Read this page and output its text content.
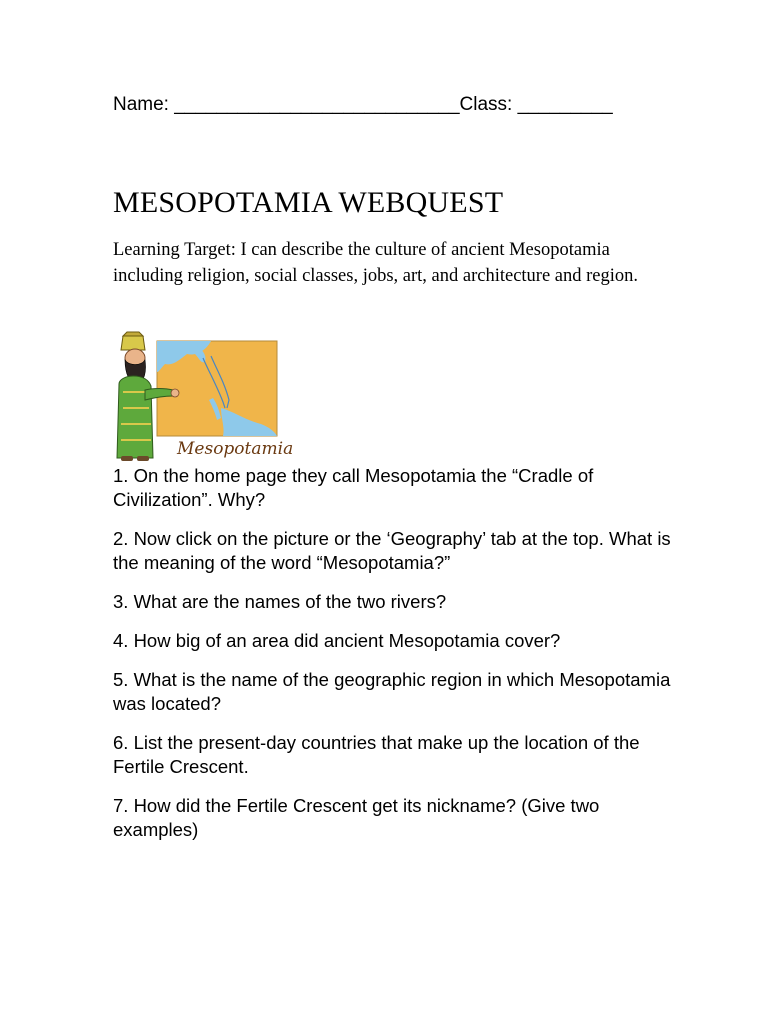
Name: ___________________________Class: _________
MESOPOTAMIA WEBQUEST
Learning Target: I can describe the culture of ancient Mesopotamia including religion, social classes, jobs, art, and architecture and region.
Mesopotamia

1. On the home page they call Mesopotamia the “Cradle of Civilization”. Why?

2. Now click on the picture or the ‘Geography’ tab at the top. What is the meaning of the word “Mesopotamia?”

3. What are the names of the two rivers?

4. How big of an area did ancient Mesopotamia cover?

5. What is the name of the geographic region in which Mesopotamia was located?

6. List the present-day countries that make up the location of the Fertile Crescent.

7. How did the Fertile Crescent get its nickname? (Give two examples)
